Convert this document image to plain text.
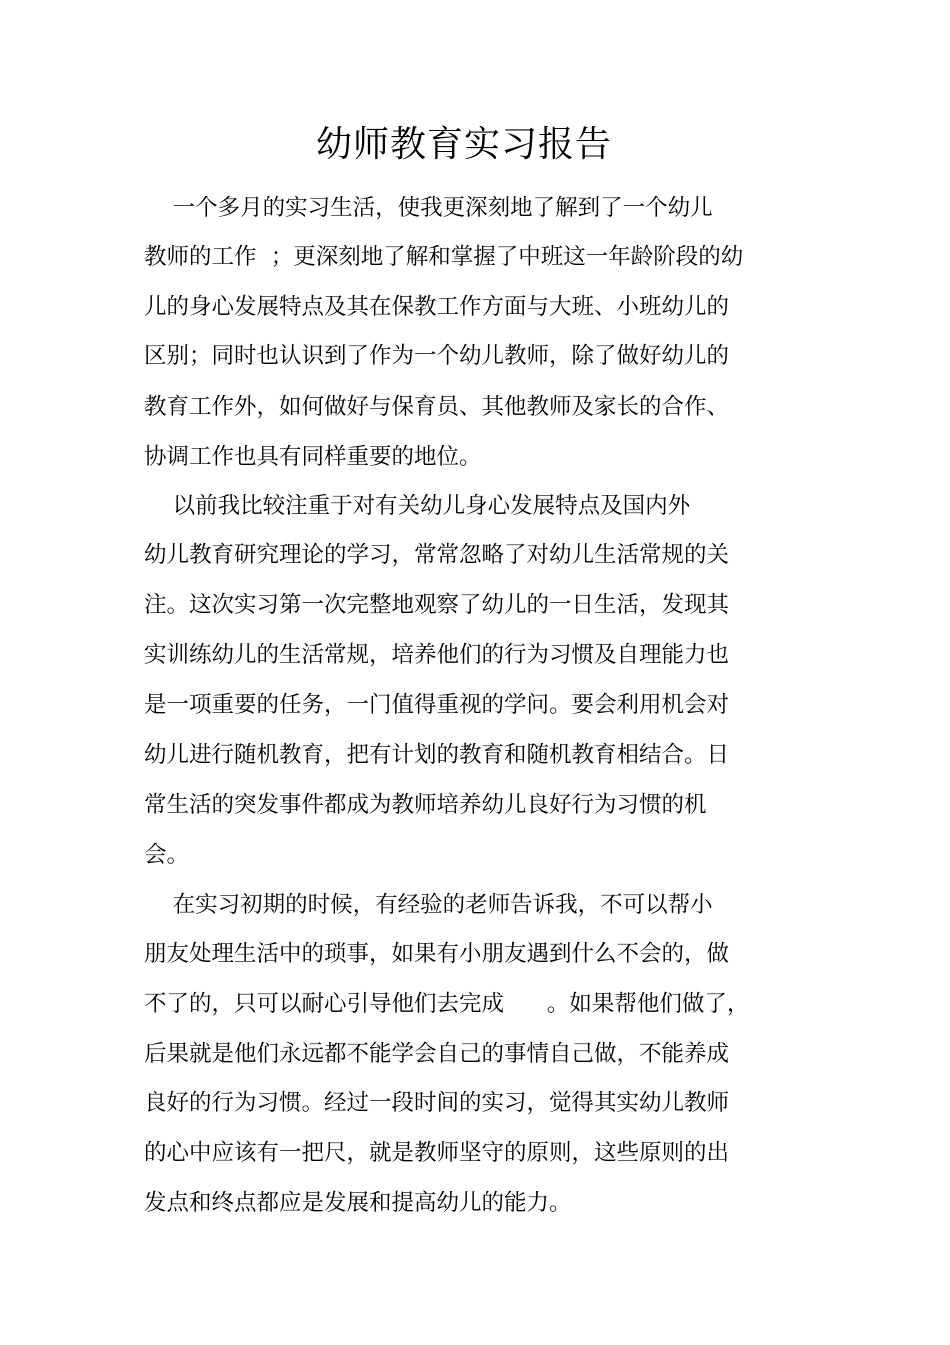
幼师教育实习报告
一个多月的实习生活，使我更深刻地了解到了一个幼儿
教师的工作  ；更深刻地了解和掌握了中班这一年龄阶段的幼
儿的身心发展特点及其在保教工作方面与大班、小班幼儿的
区别；同时也认识到了作为一个幼儿教师，除了做好幼儿的
教育工作外，如何做好与保育员、其他教师及家长的合作、
协调工作也具有同样重要的地位。
以前我比较注重于对有关幼儿身心发展特点及国内外
幼儿教育研究理论的学习，常常忽略了对幼儿生活常规的关
注。这次实习第一次完整地观察了幼儿的一日生活，发现其
实训练幼儿的生活常规，培养他们的行为习惯及自理能力也
是一项重要的任务，一门值得重视的学问。要会利用机会对
幼儿进行随机教育，把有计划的教育和随机教育相结合。日
常生活的突发事件都成为教师培养幼儿良好行为习惯的机
会。
在实习初期的时候，有经验的老师告诉我，不可以帮小
朋友处理生活中的琐事，如果有小朋友遇到什么不会的，做
不了的，只可以耐心引导他们去完成      。如果帮他们做了，
后果就是他们永远都不能学会自己的事情自己做，不能养成
良好的行为习惯。经过一段时间的实习，觉得其实幼儿教师
的心中应该有一把尺，就是教师坚守的原则，这些原则的出
发点和终点都应是发展和提高幼儿的能力。
